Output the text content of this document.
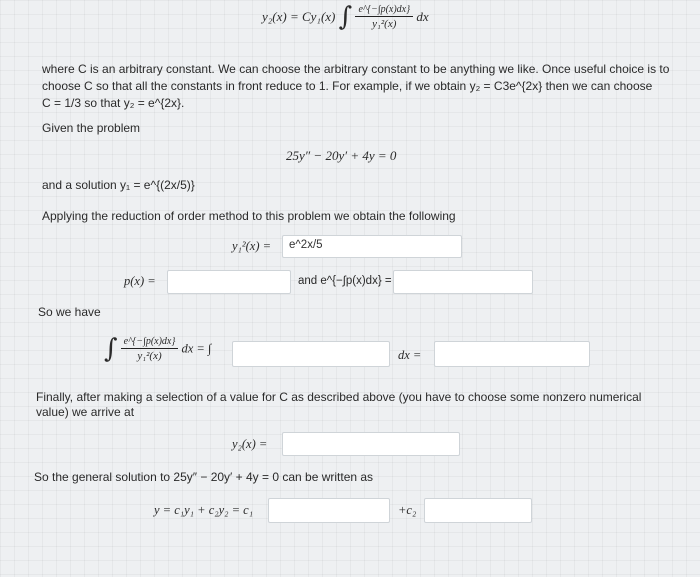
y₂(x) = Cy₁(x) ∫ $\frac{e\^{}\{-\int p(x)dx\}}{\text{y₁²(x)}}$ dx
where C is an arbitrary constant. We can choose the arbitrary constant to be anything we like. Once useful choice is to
choose C so that all the constants in front reduce to 1. For example, if we obtain y₂ = C3e^{2x} then we can choose
C = 1/3 so that y₂ = e^{2x}.
Given the problem
25y″ − 20y′ + 4y = 0
and a solution y₁ = e^{(2x/5)}
Applying the reduction of order method to this problem we obtain the following
y₁²(x) =	e^2x/5
p(x) =	and e^{−∫p(x)dx} =
So we have
∫ $\frac{e\^{}\{-\int p(x)dx\}}{\text{y₁²(x)}}$ dx = ∫	dx =
Finally, after making a selection of a value for C as described above (you have to choose some nonzero numerical
value) we arrive at
y₂(x) =
So the general solution to 25y″ − 20y′ + 4y = 0 can be written as
y = c₁y₁ + c₂y₂ = c₁	+c₂
